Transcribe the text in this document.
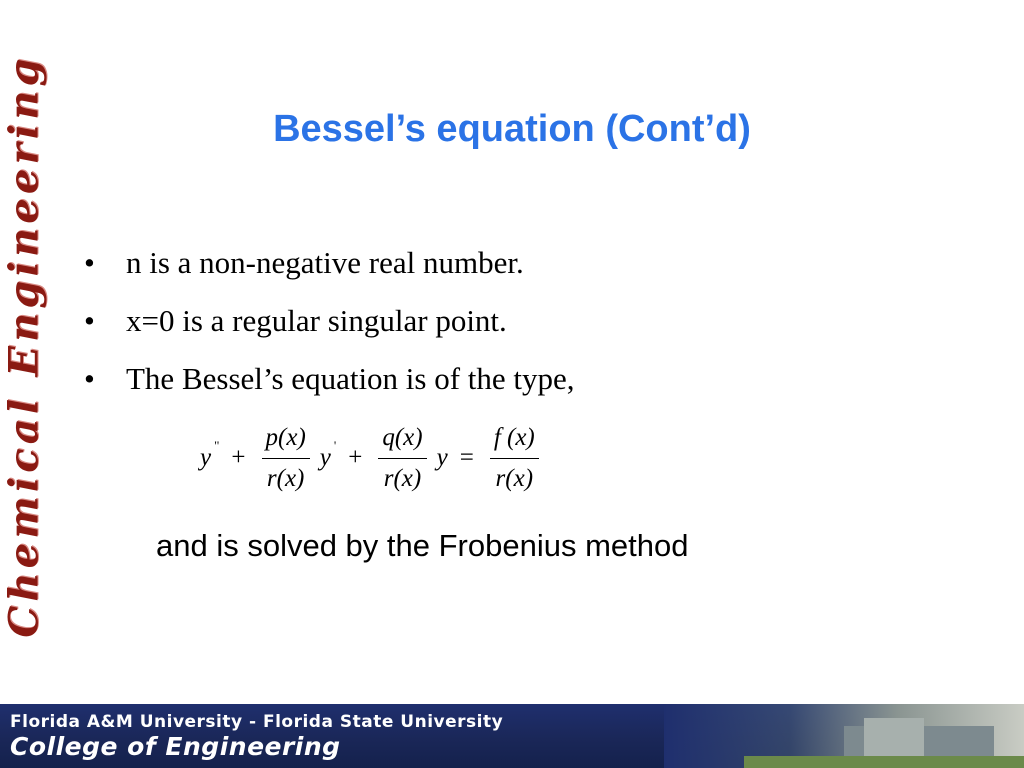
Chemical Engineering	Bessel’s equation (Cont’d)
• n is a non-negative real number.
• x=0 is a regular singular point.
• The Bessel’s equation is of the type,
y " + $\frac{p(x)}{r(x)}$ y ' + $\frac{q(x)}{r(x)}$ $y = \frac{f (x)}{r(x)}$
and is solved by the Frobenius method
Florida A&M University - Florida State University
College of Engineering
